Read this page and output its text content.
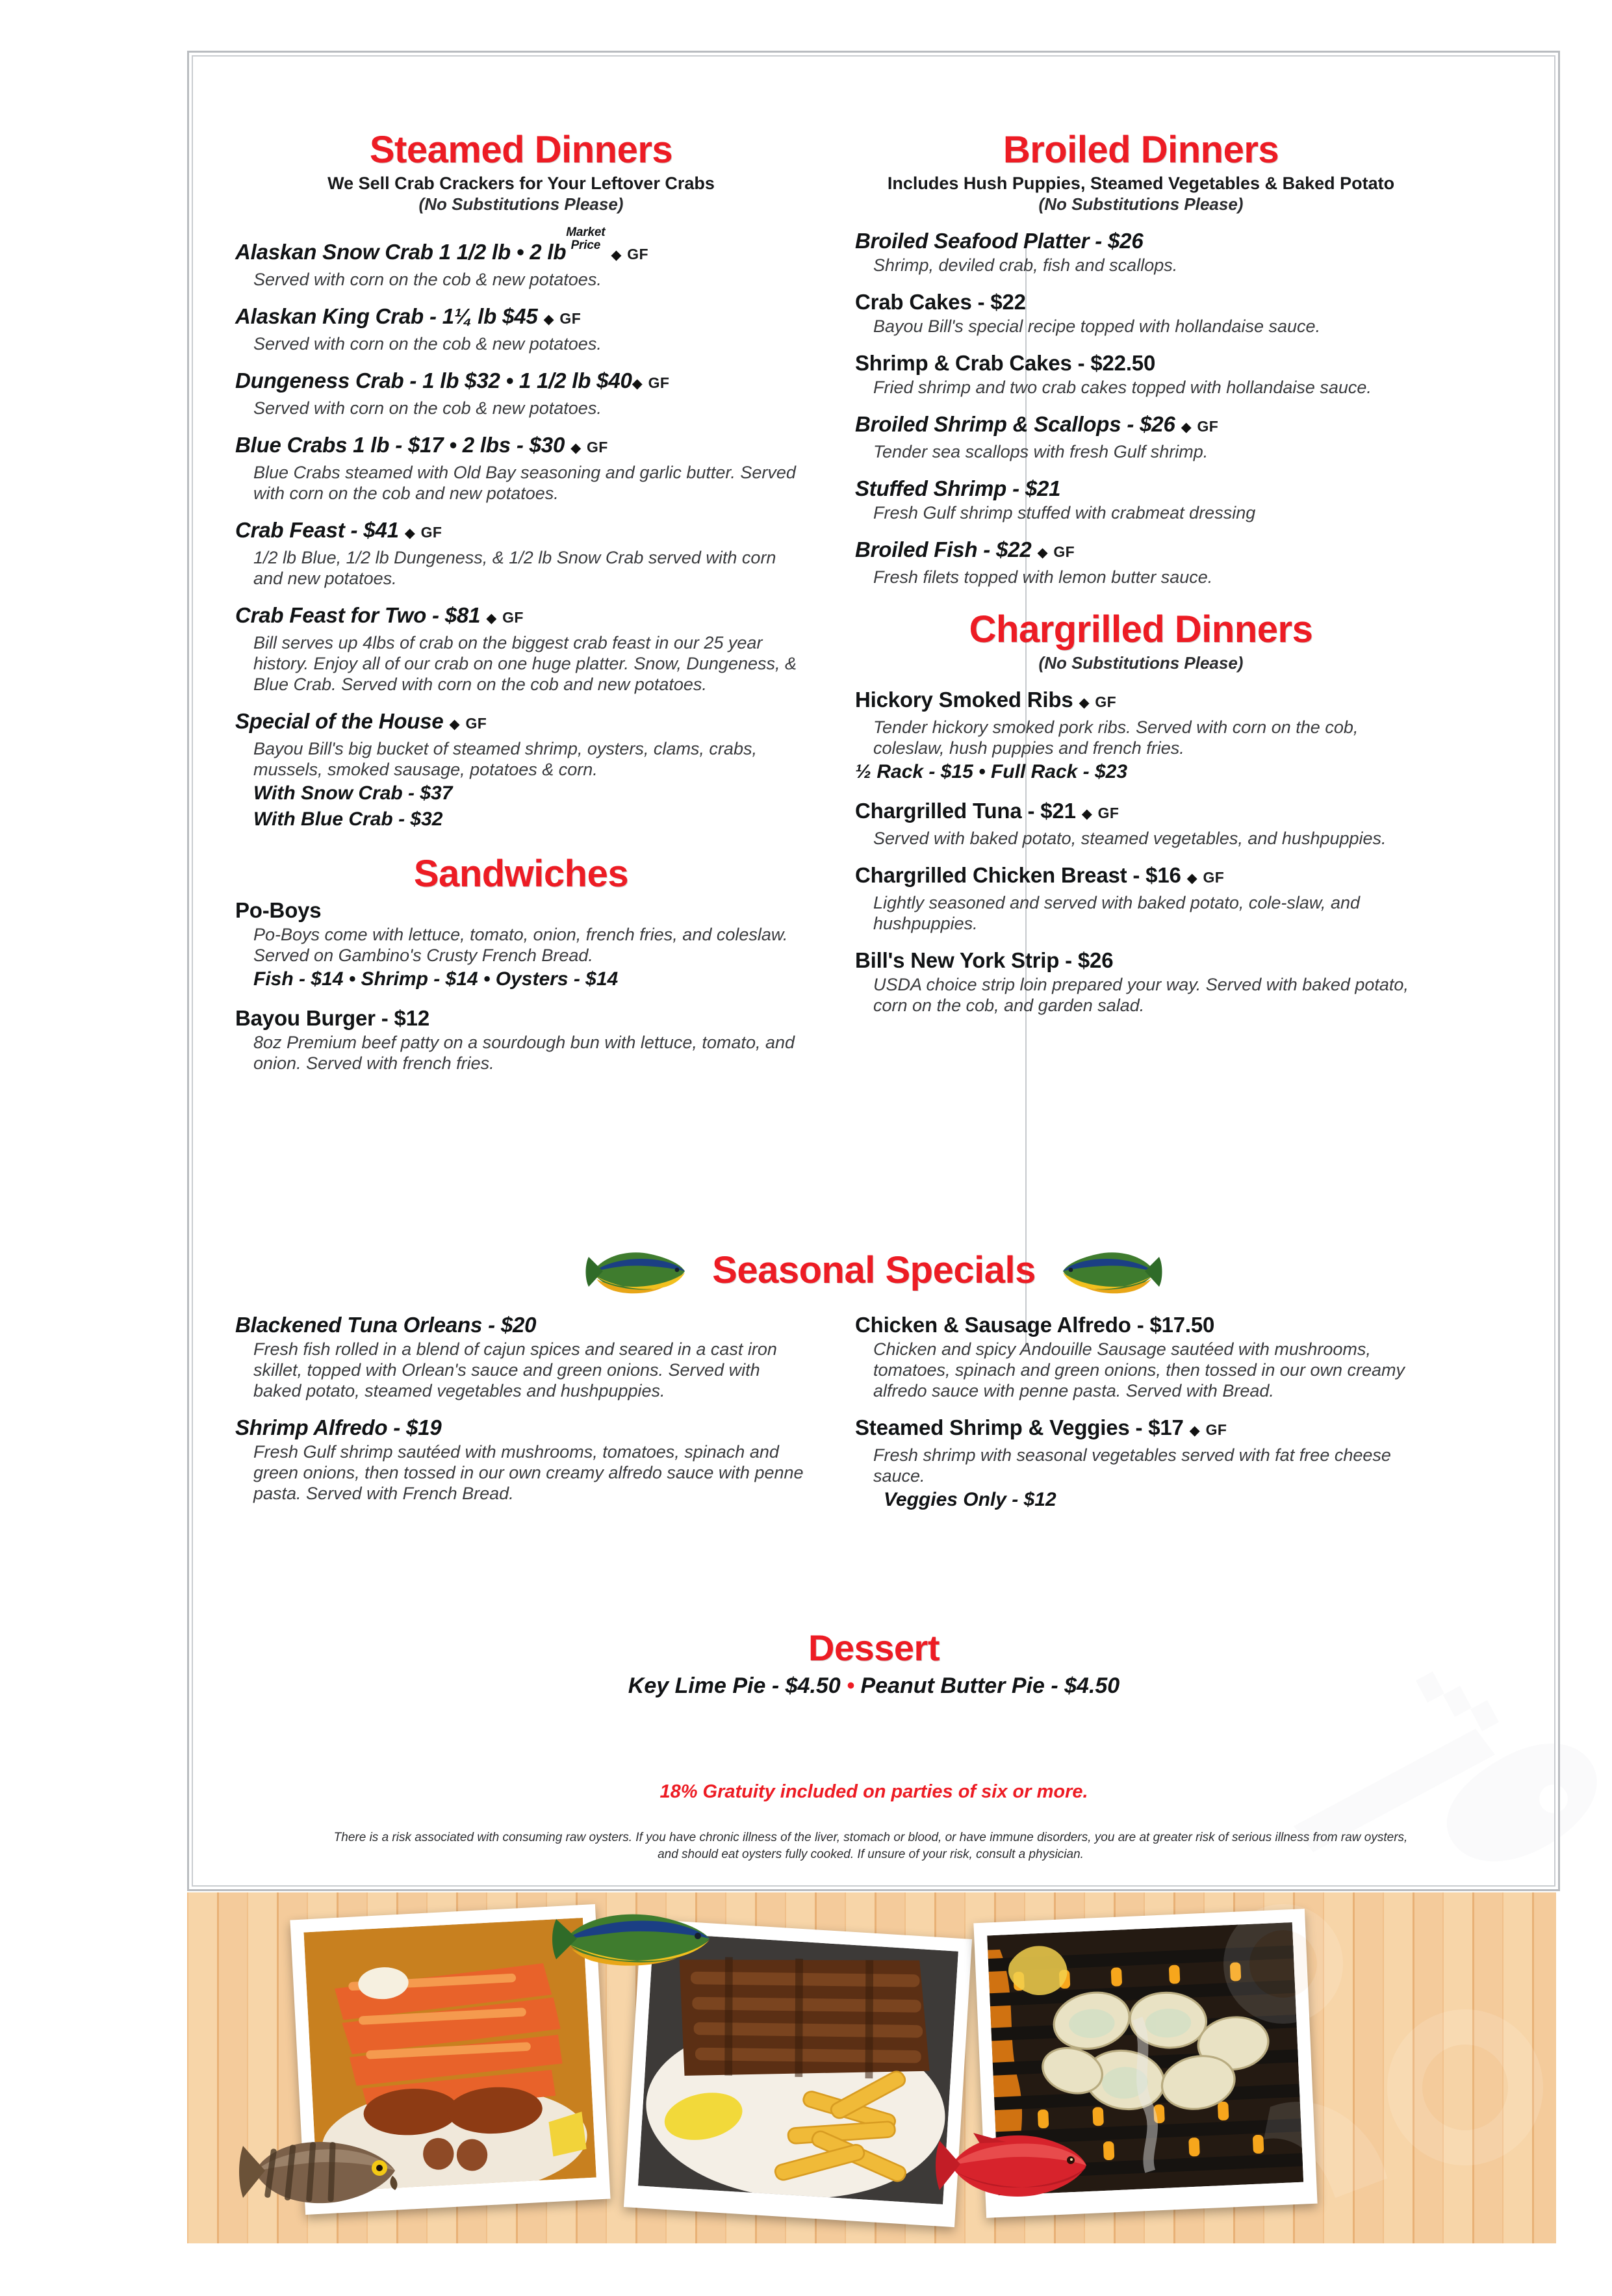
Steamed Dinners

We Sell Crab Crackers for Your Leftover Crabs

(No Substitutions Please)

Alaskan Snow Crab 1 1/2 lb • 2 lbMarket
Price ◆ GF

Served with corn on the cob & new potatoes.

Alaskan King Crab - 1¼ lb $45 ◆ GF

Served with corn on the cob & new potatoes.

Dungeness Crab - 1 lb $32 • 1 1/2 lb $40◆ GF

Served with corn on the cob & new potatoes.

Blue Crabs 1 lb - $17 • 2 lbs - $30 ◆ GF

Blue Crabs steamed with Old Bay seasoning and garlic butter. Served with corn on the cob and new potatoes.

Crab Feast - $41 ◆ GF

1/2 lb Blue, 1/2 lb Dungeness, & 1/2 lb Snow Crab served with corn and new potatoes.

Crab Feast for Two - $81 ◆ GF

Bill serves up 4lbs of crab on the biggest crab feast in our 25 year history. Enjoy all of our crab on one huge platter. Snow, Dungeness, & Blue Crab. Served with corn on the cob and new potatoes.

Special of the House ◆ GF

Bayou Bill's big bucket of steamed shrimp, oysters, clams, crabs, mussels, smoked sausage, potatoes & corn.

With Snow Crab - $37

With Blue Crab - $32

Sandwiches

Po-Boys

Po-Boys come with lettuce, tomato, onion, french fries, and coleslaw. Served on Gambino's Crusty French Bread.

Fish - $14 • Shrimp - $14 • Oysters - $14

Bayou Burger - $12

8oz Premium beef patty on a sourdough bun with lettuce, tomato, and onion. Served with french fries.

Broiled Dinners

Includes Hush Puppies, Steamed Vegetables & Baked Potato

(No Substitutions Please)

Broiled Seafood Platter - $26

Shrimp, deviled crab, fish and scallops.

Crab Cakes - $22

Bayou Bill's special recipe topped with hollandaise sauce.

Shrimp & Crab Cakes - $22.50

Fried shrimp and two crab cakes topped with hollandaise sauce.

Broiled Shrimp & Scallops - $26 ◆ GF

Tender sea scallops with fresh Gulf shrimp.

Stuffed Shrimp - $21

Fresh Gulf shrimp stuffed with crabmeat dressing

Broiled Fish - $22 ◆ GF

Fresh filets topped with lemon butter sauce.

Chargrilled Dinners

(No Substitutions Please)

Hickory Smoked Ribs ◆ GF

Tender hickory smoked pork ribs. Served with corn on the cob, coleslaw, hush puppies and french fries.

½ Rack - $15 • Full Rack - $23

Chargrilled Tuna - $21 ◆ GF

Served with baked potato, steamed vegetables, and hushpuppies.

Chargrilled Chicken Breast - $16 ◆ GF

Lightly seasoned and served with baked potato, cole-slaw, and hushpuppies.

Bill's New York Strip - $26

USDA choice strip loin prepared your way. Served with baked potato, corn on the cob, and garden salad.

Seasonal Specials

Blackened Tuna Orleans - $20

Fresh fish rolled in a blend of cajun spices and seared in a cast iron skillet, topped with Orlean's sauce and green onions. Served with baked potato, steamed vegetables and hushpuppies.

Shrimp Alfredo - $19

Fresh Gulf shrimp sautéed with mushrooms, tomatoes, spinach and green onions, then tossed in our own creamy alfredo sauce with penne pasta. Served with French Bread.

Chicken & Sausage Alfredo - $17.50

Chicken and spicy Andouille Sausage sautéed with mushrooms, tomatoes, spinach and green onions, then tossed in our own creamy alfredo sauce with penne pasta. Served with Bread.

Steamed Shrimp & Veggies - $17 ◆ GF

Fresh shrimp with seasonal vegetables served with fat free cheese sauce.

Veggies Only - $12

Dessert

Key Lime Pie - $4.50 • Peanut Butter Pie - $4.50

18% Gratuity included on parties of six or more.
There is a risk associated with consuming raw oysters. If you have chronic illness of the liver, stomach or blood, or have immune disorders, you are at greater risk of serious illness from raw oysters, and should eat oysters fully cooked. If unsure of your risk, consult a physician.
